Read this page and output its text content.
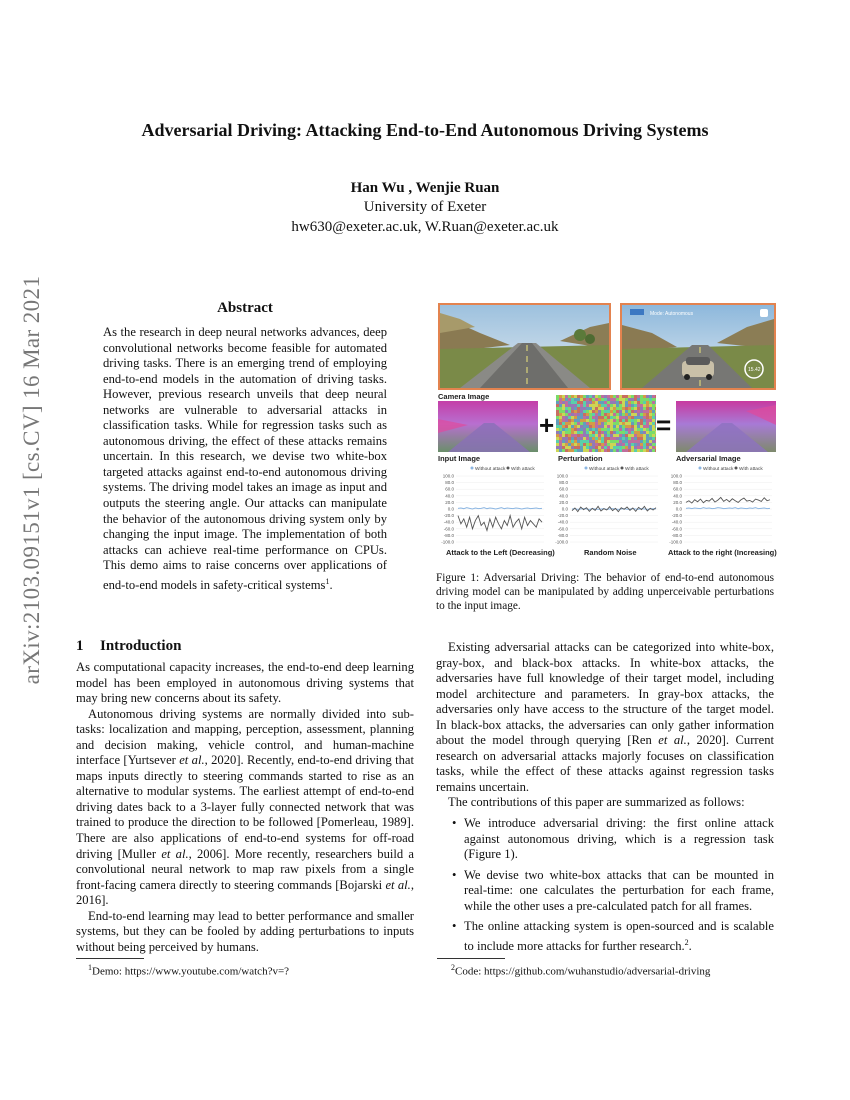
arXiv:2103.09151v1 [cs.CV] 16 Mar 2021
Adversarial Driving: Attacking End-to-End Autonomous Driving Systems
Han Wu , Wenjie Ruan
University of Exeter
hw630@exeter.ac.uk, W.Ruan@exeter.ac.uk
Abstract
As the research in deep neural networks advances, deep convolutional networks become feasible for automated driving tasks. There is an emerging trend of employing end-to-end models in the automation of driving tasks. However, previous research unveils that deep neural networks are vulnerable to adversarial attacks in classification tasks. While for regression tasks such as autonomous driving, the effect of these attacks remains uncertain. In this research, we devise two white-box targeted attacks against end-to-end autonomous driving systems. The driving model takes an image as input and outputs the steering angle. Our attacks can manipulate the behavior of the autonomous driving system only by changing the input image. The implementation of both attacks can achieve real-time performance on CPUs. This demo aims to raise concerns over applications of end-to-end models in safety-critical systems$^1$.
1 Introduction

As computational capacity increases, the end-to-end deep learning model has been employed in autonomous driving systems that may bring new concerns about its safety.

Autonomous driving systems are normally divided into sub-tasks: localization and mapping, perception, assessment, planning and decision making, vehicle control, and human-machine interface [Yurtsever et al., 2020]. Recently, end-to-end driving that maps inputs directly to steering commands started to rise as an alternative to modular systems. The earliest attempt of end-to-end driving dates back to a 3-layer fully connected network that was trained to produce the direction to be followed [Pomerleau, 1989]. There are also applications of end-to-end systems for off-road driving [Muller et al., 2006]. More recently, researchers build a convolutional neural network to map raw pixels from a single front-facing camera directly to steering commands [Bojarski et al., 2016].

End-to-end learning may lead to better performance and smaller systems, but they can be fooled by adding perturbations to inputs without being perceived by humans.

$^1$Demo: https://www.youtube.com/watch?v=?
Mode: Autonomous
15.42
Camera Image
+	=
Input Image	Perturbation	Adversarial Image
Without attack With attack
100.0
80.0
60.0
40.0
20.0
0.0
-20.0
-40.0
-60.0
-80.0
-100.0
Without attack With attack
100.0
80.0
60.0
40.0
20.0
0.0
-20.0
-40.0
-60.0
-80.0
-100.0
Without attack With attack
100.0
80.0
60.0
40.0
20.0
0.0
-20.0
-40.0
-60.0
-80.0
-100.0
Attack to the Left (Decreasing)	Random Noise	Attack to the right (Increasing)
Figure 1: Adversarial Driving: The behavior of end-to-end autonomous driving model can be manipulated by adding unperceivable perturbations to the input image.

Existing adversarial attacks can be categorized into white-box, gray-box, and black-box attacks. In white-box attacks, the adversaries have full knowledge of their target model, including model architecture and parameters. In gray-box attacks, the adversaries only have access to the structure of the target model. In black-box attacks, the adversaries can only gather information about the model through querying [Ren et al., 2020]. Current research on adversarial attacks majorly focuses on classification tasks, while the effect of these attacks against regression tasks remains uncertain.

The contributions of this paper are summarized as follows:

• We introduce adversarial driving: the first online attack against autonomous driving, which is a regression task (Figure 1).
• We devise two white-box attacks that can be mounted in real-time: one calculates the perturbation for each frame, while the other uses a pre-calculated patch for all frames.
• The online attacking system is open-sourced and is scalable to include more attacks for further research.$^2$.
$^2$Code: https://github.com/wuhanstudio/adversarial-driving
